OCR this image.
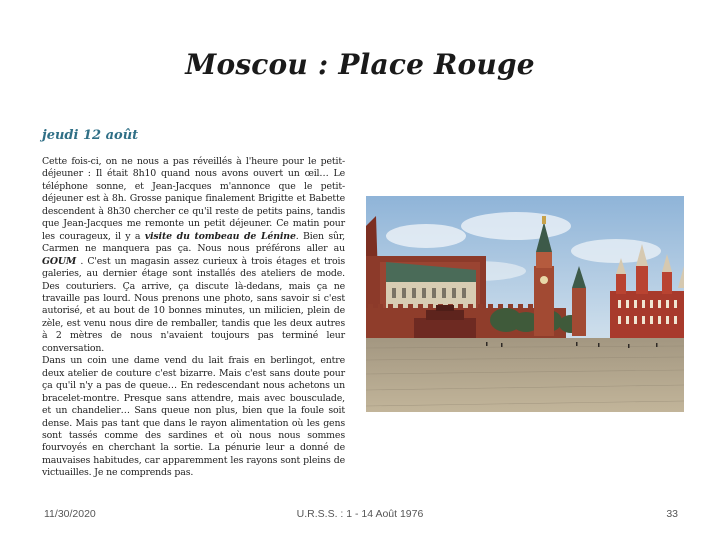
Moscou : Place Rouge
jeudi 12 août

Cette fois-ci, on ne nous a pas réveillés à l'heure pour le petit-déjeuner : Il était 8h10 quand nous avons ouvert un œil… Le téléphone sonne, et Jean-Jacques m'annonce que le petit-déjeuner est à 8h. Grosse panique finalement Brigitte et Babette descendent à 8h30 chercher ce qu'il reste de petits pains, tandis que Jean-Jacques me remonte un petit déjeuner. Ce matin pour les courageux, il y a visite du tombeau de Lénine. Bien sûr, Carmen ne manquera pas ça. Nous nous préférons aller au GOUM . C'est un magasin assez curieux à trois étages et trois galeries, au dernier étage sont installés des ateliers de mode. Des couturiers. Ça arrive, ça discute là-dedans, mais ça ne travaille pas lourd. Nous prenons une photo, sans savoir si c'est autorisé, et au bout de 10 bonnes minutes, un milicien, plein de zèle, est venu nous dire de remballer, tandis que les deux autres à 2 mètres de nous n'avaient toujours pas terminé leur conversation.

Dans un coin une dame vend du lait frais en berlingot, entre deux atelier de couture c'est bizarre. Mais c'est sans doute pour ça qu'il n'y a pas de queue… En redescendant nous achetons un bracelet-montre. Presque sans attendre, mais avec bousculade, et un chandelier… Sans queue non plus, bien que la foule soit dense. Mais pas tant que dans le rayon alimentation où les gens sont tassés comme des sardines et où nous nous sommes fourvoyés en cherchant la sortie. La pénurie leur a donné de mauvaises habitudes, car apparemment les rayons sont pleins de victuailles. Je ne comprends pas.

11/30/2020	U.R.S.S. : 1 - 14 Août 1976	33
